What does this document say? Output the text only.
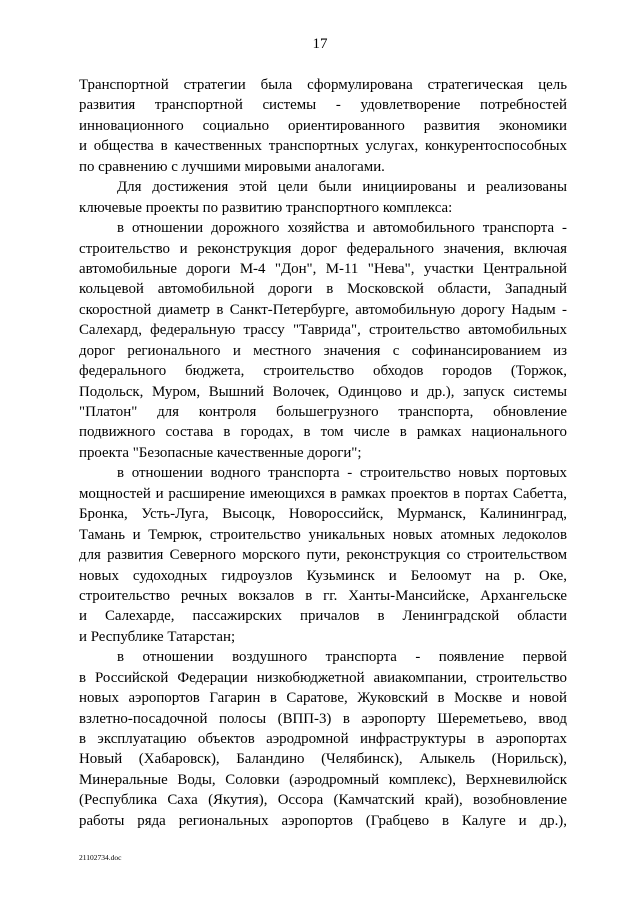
17
Транспортной стратегии была сформулирована стратегическая цель
развития транспортной системы - удовлетворение потребностей
инновационного социально ориентированного развития экономики
и общества в качественных транспортных услугах, конкурентоспособных
по сравнению с лучшими мировыми аналогами.
Для достижения этой цели были инициированы и реализованы
ключевые проекты по развитию транспортного комплекса:
в отношении дорожного хозяйства и автомобильного транспорта -
строительство и реконструкция дорог федерального значения, включая
автомобильные дороги М-4 "Дон", М-11 "Нева", участки Центральной
кольцевой автомобильной дороги в Московской области, Западный
скоростной диаметр в Санкт-Петербурге, автомобильную дорогу Надым -
Салехард, федеральную трассу "Таврида", строительство автомобильных
дорог регионального и местного значения с софинансированием из
федерального бюджета, строительство обходов городов (Торжок,
Подольск, Муром, Вышний Волочек, Одинцово и др.), запуск системы
"Платон" для контроля большегрузного транспорта, обновление
подвижного состава в городах, в том числе в рамках национального
проекта "Безопасные качественные дороги";
в отношении водного транспорта - строительство новых портовых
мощностей и расширение имеющихся в рамках проектов в портах Сабетта,
Бронка, Усть-Луга, Высоцк, Новороссийск, Мурманск, Калининград,
Тамань и Темрюк, строительство уникальных новых атомных ледоколов
для развития Северного морского пути, реконструкция со строительством
новых судоходных гидроузлов Кузьминск и Белоомут на р. Оке,
строительство речных вокзалов в гг. Ханты-Мансийске, Архангельске
и Салехарде, пассажирских причалов в Ленинградской области
и Республике Татарстан;
в отношении воздушного транспорта - появление первой
в Российской Федерации низкобюджетной авиакомпании, строительство
новых аэропортов Гагарин в Саратове, Жуковский в Москве и новой
взлетно-посадочной полосы (ВПП-3) в аэропорту Шереметьево, ввод
в эксплуатацию объектов аэродромной инфраструктуры в аэропортах
Новый (Хабаровск), Баландино (Челябинск), Алыкель (Норильск),
Минеральные Воды, Соловки (аэродромный комплекс), Верхневилюйск
(Республика Саха (Якутия), Оссора (Камчатский край), возобновление
работы ряда региональных аэропортов (Грабцево в Калуге и др.),
21102734.doc
